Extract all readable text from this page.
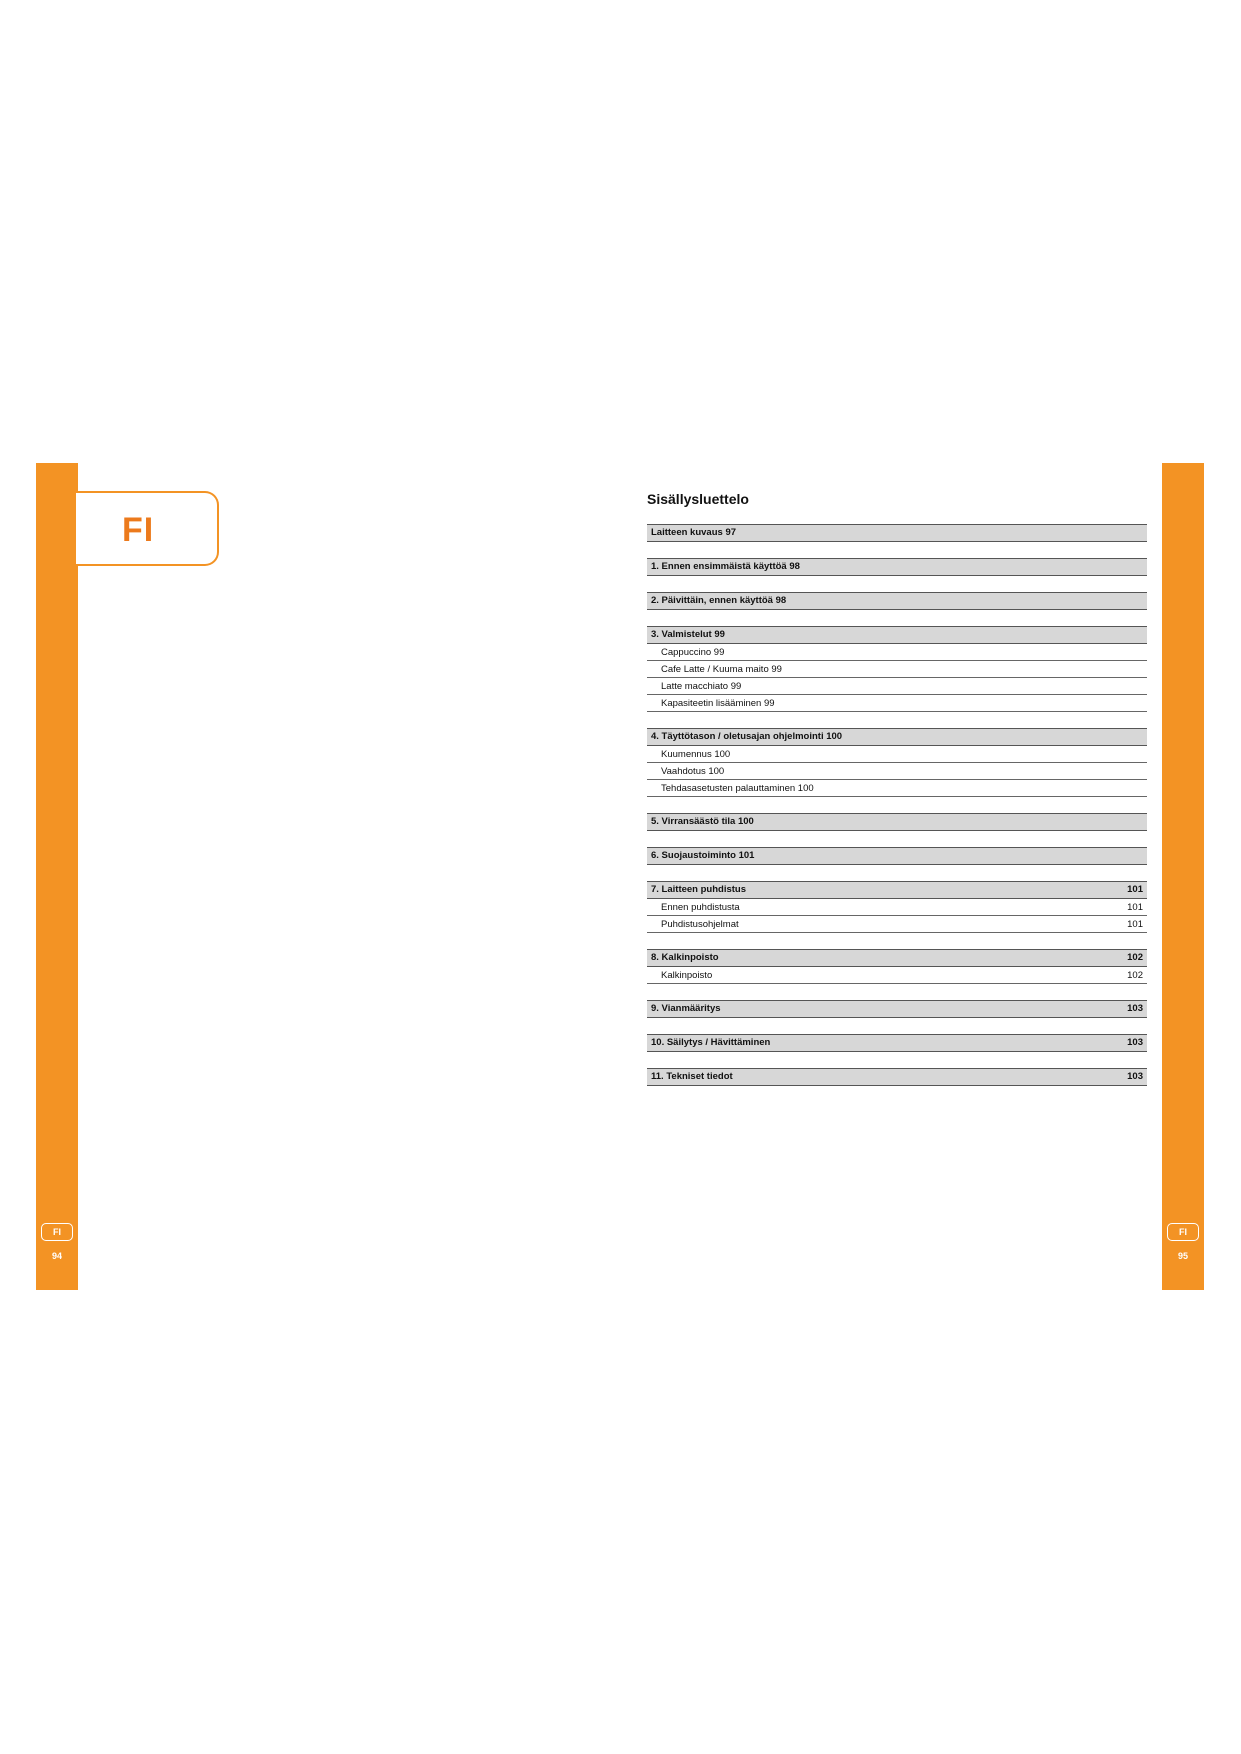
FI
94
FI
FI
95
Sisällysluettelo
Laitteen kuvaus 97
1. Ennen ensimmäistä käyttöä 98
2. Päivittäin, ennen käyttöä 98
3. Valmistelut 99
Cappuccino 99
Cafe Latte / Kuuma maito 99
Latte macchiato 99
Kapasiteetin lisääminen 99
4. Täyttötason / oletusajan ohjelmointi 100
Kuumennus 100
Vaahdotus 100
Tehdasasetusten palauttaminen 100
5. Virransäästö tila 100
6. Suojaustoiminto 101
7. Laitteen puhdistus	101
Ennen puhdistusta	101
Puhdistusohjelmat	101
8. Kalkinpoisto	102
Kalkinpoisto	102
9. Vianmääritys	103
10. Säilytys / Hävittäminen	103
11. Tekniset tiedot	103
